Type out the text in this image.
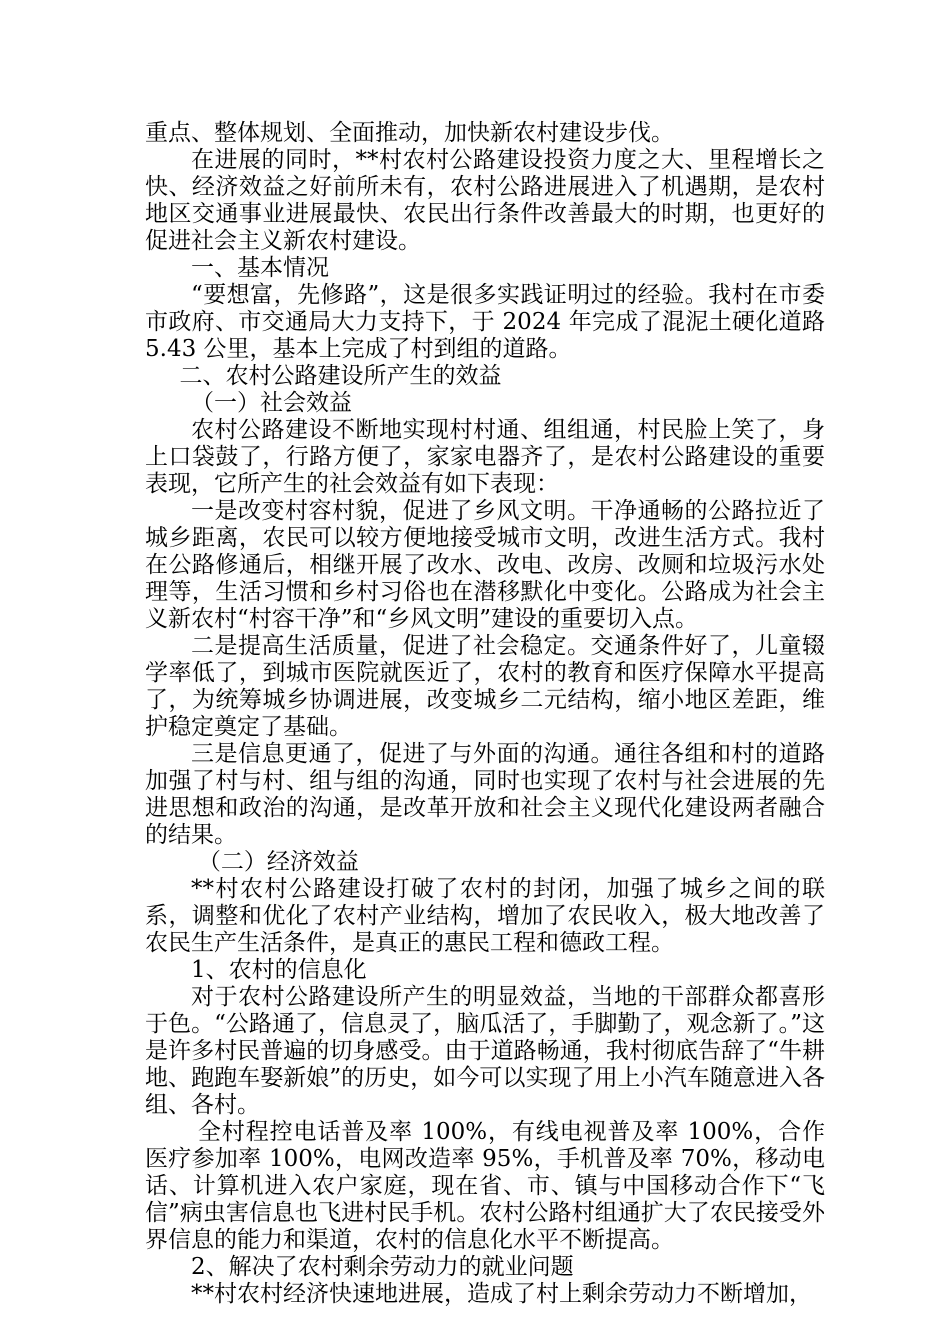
重点、整体规划、全面推动，加快新农村建设步伐。

在进展的同时，**村农村公路建设投资力度之大、里程增长之快、经济效益之好前所未有，农村公路进展进入了机遇期，是农村地区交通事业进展最快、农民出行条件改善最大的时期，也更好的促进社会主义新农村建设。

一、基本情况

“要想富，先修路”，这是很多实践证明过的经验。我村在市委市政府、市交通局大力支持下，于 2024 年完成了混泥土硬化道路 5.43 公里，基本上完成了村到组的道路。

二、农村公路建设所产生的效益

（一）社会效益

农村公路建设不断地实现村村通、组组通，村民脸上笑了，身上口袋鼓了，行路方便了，家家电器齐了，是农村公路建设的重要表现，它所产生的社会效益有如下表现：

一是改变村容村貌，促进了乡风文明。干净通畅的公路拉近了城乡距离，农民可以较方便地接受城市文明，改进生活方式。我村在公路修通后，相继开展了改水、改电、改房、改厕和垃圾污水处理等，生活习惯和乡村习俗也在潜移默化中变化。公路成为社会主义新农村“村容干净”和“乡风文明”建设的重要切入点。

二是提高生活质量，促进了社会稳定。交通条件好了，儿童辍学率低了，到城市医院就医近了，农村的教育和医疗保障水平提高了，为统筹城乡协调进展，改变城乡二元结构，缩小地区差距，维护稳定奠定了基础。

三是信息更通了，促进了与外面的沟通。通往各组和村的道路加强了村与村、组与组的沟通，同时也实现了农村与社会进展的先进思想和政治的沟通，是改革开放和社会主义现代化建设两者融合的结果。

（二）经济效益

**村农村公路建设打破了农村的封闭，加强了城乡之间的联系，调整和优化了农村产业结构，增加了农民收入，极大地改善了农民生产生活条件，是真正的惠民工程和德政工程。

1、农村的信息化

对于农村公路建设所产生的明显效益，当地的干部群众都喜形于色。“公路通了，信息灵了，脑瓜活了，手脚勤了，观念新了。”这是许多村民普遍的切身感受。由于道路畅通，我村彻底告辞了“牛耕地、跑跑车娶新娘”的历史，如今可以实现了用上小汽车随意进入各组、各村。

全村程控电话普及率 100%，有线电视普及率 100%，合作医疗参加率 100%，电网改造率 95%，手机普及率 70%，移动电话、计算机进入农户家庭，现在省、市、镇与中国移动合作下“飞信”病虫害信息也飞进村民手机。农村公路村组通扩大了农民接受外界信息的能力和渠道，农村的信息化水平不断提高。

2、解决了农村剩余劳动力的就业问题

**村农村经济快速地进展，造成了村上剩余劳动力不断增加，
